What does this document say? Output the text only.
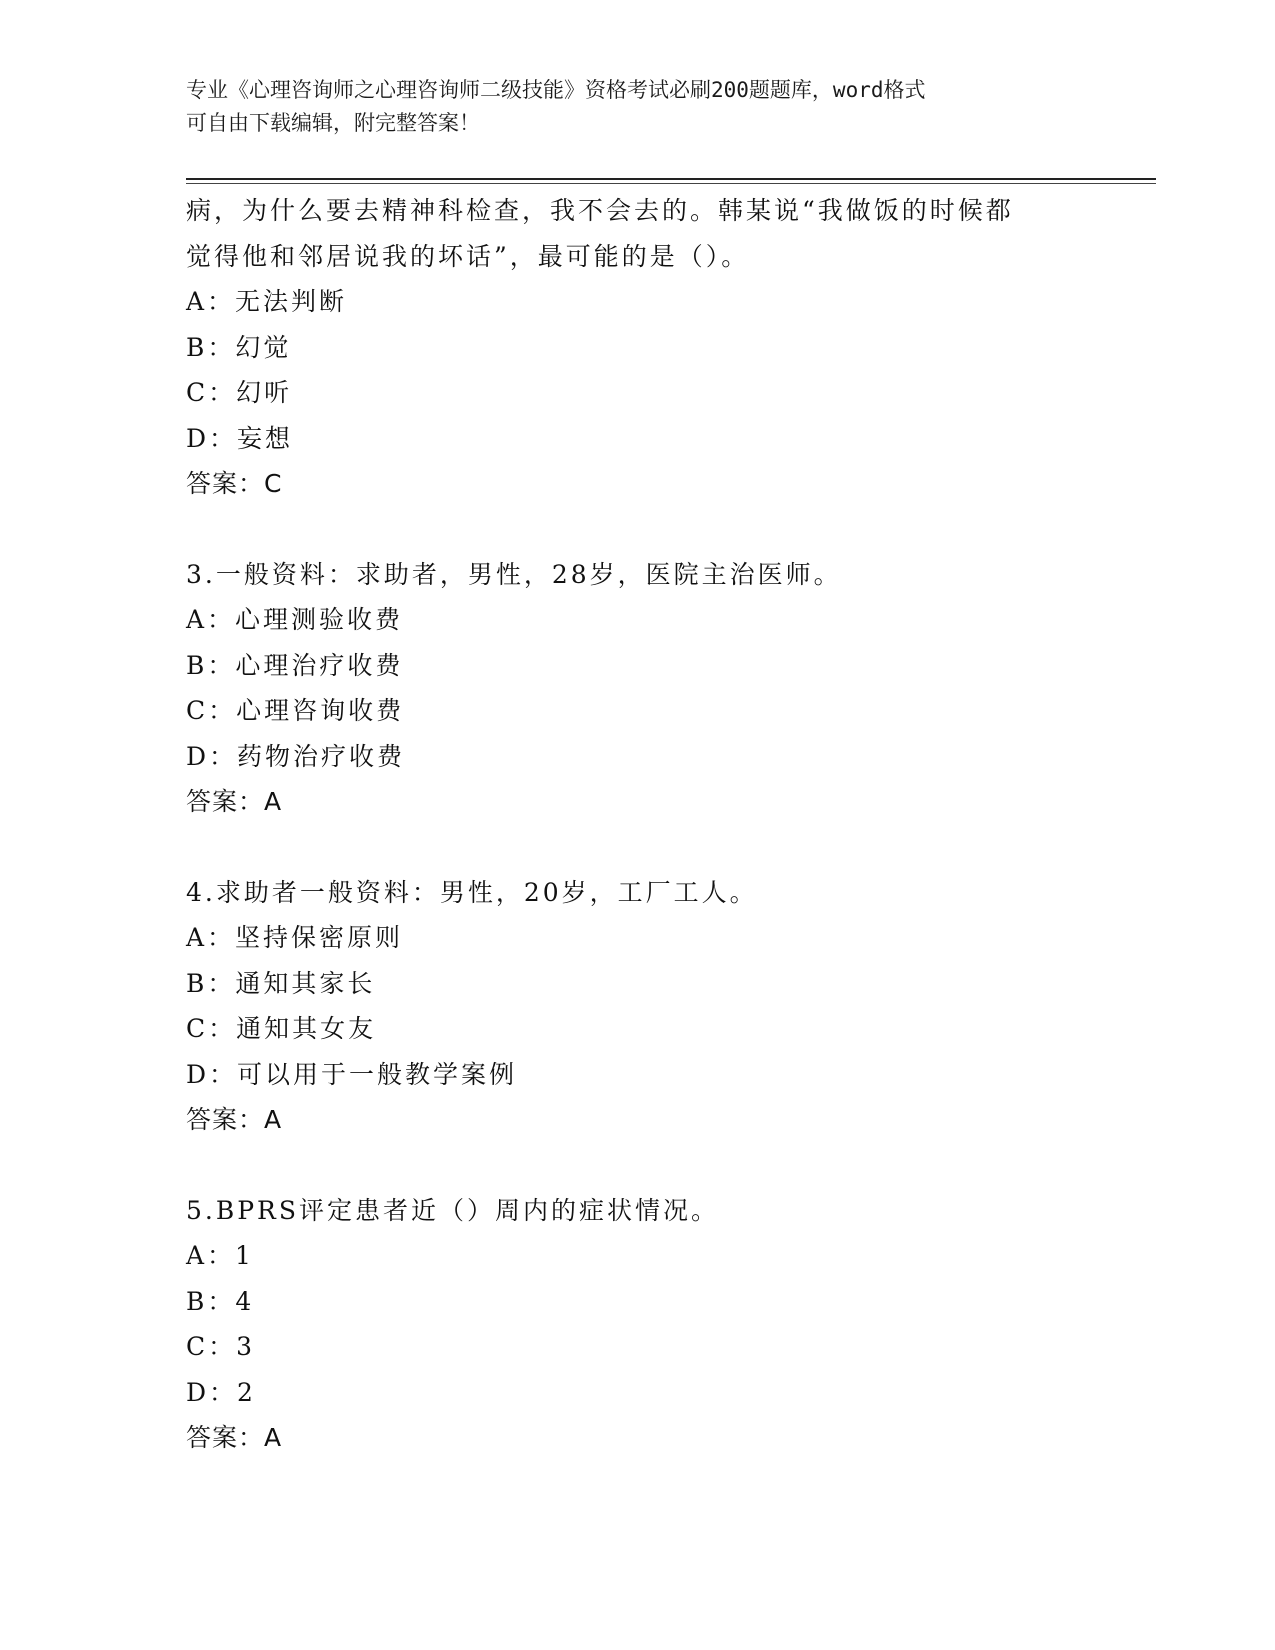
专业《心理咨询师之心理咨询师二级技能》资格考试必刷200题题库，word格式
可自由下载编辑，附完整答案！
病，为什么要去精神科检查，我不会去的。韩某说“我做饭的时候都
觉得他和邻居说我的坏话”，最可能的是（）。
A：无法判断
B：幻觉
C：幻听
D：妄想
答案：C
3.一般资料：求助者，男性，28岁，医院主治医师。
A：心理测验收费
B：心理治疗收费
C：心理咨询收费
D：药物治疗收费
答案：A
4.求助者一般资料：男性，20岁，工厂工人。
A：坚持保密原则
B：通知其家长
C：通知其女友
D：可以用于一般教学案例
答案：A
5.BPRS评定患者近（）周内的症状情况。
A：1
B：4
C：3
D：2
答案：A
